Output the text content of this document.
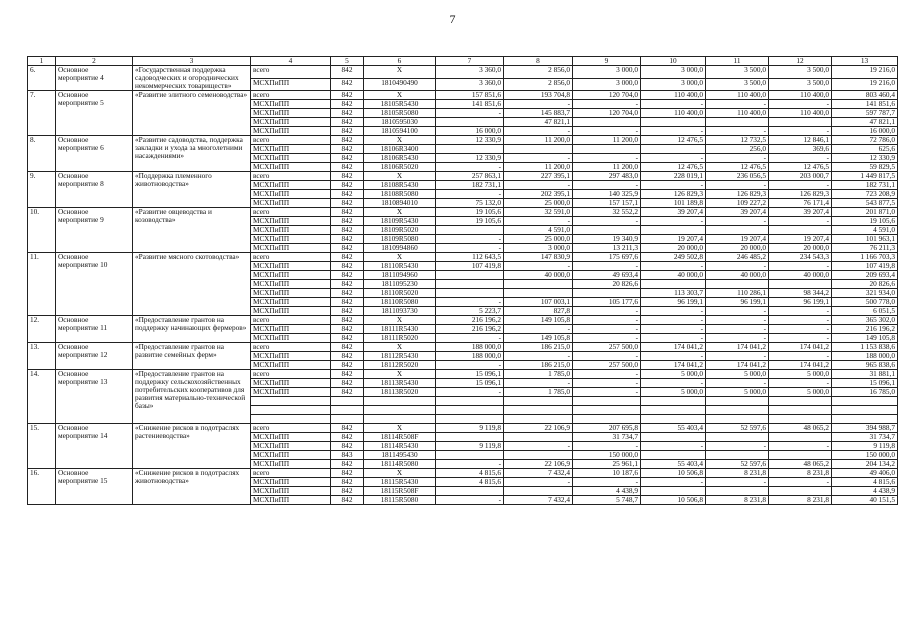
7
1	2	3	4	5	6	7	8	9	10	11	12	13
6.	Основное мероприятие 4	«Государственная поддержка садоводческих и огороднических некоммерческих товариществ»	всего	842	X	3 360,0	2 856,0	3 000,0	3 000,0	3 500,0	3 500,0	19 216,0
			МСХПиПП	842	1810490490	3 360,0	2 856,0	3 000,0	3 000,0	3 500,0	3 500,0	19 216,0
7.	Основное мероприятие 5	«Развитие элитного семеноводства»	всего	842	X	157 851,6	193 704,8	120 704,0	110 400,0	110 400,0	110 400,0	803 460,4
			МСХПиПП	842	18105R5430	141 851,6	-	-	-	-	-	141 851,6
			МСХПиПП	842	18105R5080	-	145 883,7	120 704,0	110 400,0	110 400,0	110 400,0	597 787,7
			МСХПиПП	842	1810595030		47 821,1					47 821,1
			МСХПиПП	842	1810594100	16 000,0	-	-	-	-	-	16 000,0
8.	Основное мероприятие 6	«Развитие садоводства, поддержка закладки и ухода за многолетними насаждениями»	всего	842	X	12 330,9	11 200,0	11 200,0	12 476,5	12 732,5	12 846,1	72 786,0
			МСХПиПП	842	18106R3400					256,0	369,6	625,6
			МСХПиПП	842	18106R5430	12 330,9	-	-	-	-	-	12 330,9
			МСХПиПП	842	18106R5020	-	11 200,0	11 200,0	12 476,5	12 476,5	12 476,5	59 829,5
9.	Основное мероприятие 8	«Поддержка племенного животноводства»	всего	842	X	257 863,1	227 395,1	297 483,0	228 019,1	236 056,5	203 000,7	1 449 817,5
			МСХПиПП	842	18108R5430	182 731,1	-	-	-	-	-	182 731,1
			МСХПиПП	842	18108R5080	-	202 395,1	140 325,9	126 829,3	126 829,3	126 829,3	723 208,9
			МСХПиПП	842	1810894010	75 132,0	25 000,0	157 157,1	101 189,8	109 227,2	76 171,4	543 877,5
10.	Основное мероприятие 9	«Развитие овцеводства и козоводства»	всего	842	X	19 105,6	32 591,0	32 552,2	39 207,4	39 207,4	39 207,4	201 871,0
			МСХПиПП	842	18109R5430	19 105,6	-	-	-	-	-	19 105,6
			МСХПиПП	842	18109R5020		4 591,0					4 591,0
			МСХПиПП	842	18109R5080	-	25 000,0	19 340,9	19 207,4	19 207,4	19 207,4	101 963,1
			МСХПиПП	842	1810994860	-	3 000,0	13 211,3	20 000,0	20 000,0	20 000,0	76 211,3
11.	Основное мероприятие 10	«Развитие мясного скотоводства»	всего	842	X	112 643,5	147 830,9	175 697,6	249 502,8	246 485,2	234 543,3	1 166 703,3
			МСХПиПП	842	18110R5430	107 419,8	-	-	-	-	-	107 419,8
			МСХПиПП	842	1811094960		40 000,0	49 693,4	40 000,0	40 000,0	40 000,0	209 693,4
			МСХПиПП	842	1811095230			20 826,6				20 826,6
			МСХПиПП	842	18110R5020				113 303,7	110 286,1	98 344,2	321 934,0
			МСХПиПП	842	18110R5080	-	107 003,1	105 177,6	96 199,1	96 199,1	96 199,1	500 778,0
			МСХПиПП	842	1811093730	5 223,7	827,8	-	-	-	-	6 051,5
12.	Основное мероприятие 11	«Предоставление грантов на поддержку начинающих фермеров»	всего	842	X	216 196,2	149 105,8	-	-	-	-	365 302,0
			МСХПиПП	842	18111R5430	216 196,2	-	-	-	-	-	216 196,2
			МСХПиПП	842	18111R5020	-	149 105,8	-	-	-	-	149 105,8
13.	Основное мероприятие 12	«Предоставление грантов на развитие семейных ферм»	всего	842	X	188 000,0	186 215,0	257 500,0	174 041,2	174 041,2	174 041,2	1 153 838,6
			МСХПиПП	842	18112R5430	188 000,0	-	-	-	-	-	188 000,0
			МСХПиПП	842	18112R5020	-	186 215,0	257 500,0	174 041,2	174 041,2	174 041,2	965 838,6
14.	Основное мероприятие 13	«Предоставление грантов на поддержку сельскохозяйственных потребительских кооперативов для развития материально-технической базы»	всего	842	X	15 096,1	1 785,0	-	5 000,0	5 000,0	5 000,0	31 881,1
			МСХПиПП	842	18113R5430	15 096,1	-	-	-	-	-	15 096,1
			МСХПиПП	842	18113R5020	-	1 785,0	-	5 000,0	5 000,0	5 000,0	16 785,0

15.	Основное мероприятие 14	«Снижение рисков в подотраслях растениеводства»	всего	842	X	9 119,8	22 106,9	207 695,8	55 403,4	52 597,6	48 065,2	394 988,7
			МСХПиПП	842	18114R508F			31 734,7				31 734,7
			МСХПиПП	842	18114R5430	9 119,8	-	-	-	-	-	9 119,8
			МСХПиПП	843	1811495430			150 000,0				150 000,0
			МСХПиПП	842	18114R5080	-	22 106,9	25 961,1	55 403,4	52 597,6	48 065,2	204 134,2
16.	Основное мероприятие 15	«Снижение рисков в подотраслях животноводства»	всего	842	X	4 815,6	7 432,4	10 187,6	10 506,8	8 231,8	8 231,8	49 406,0
			МСХПиПП	842	18115R5430	4 815,6	-	-	-	-	-	4 815,6
			МСХПиПП	842	18115R508F			4 438,9				4 438,9
			МСХПиПП	842	18115R5080	-	7 432,4	5 748,7	10 506,8	8 231,8	8 231,8	40 151,5
